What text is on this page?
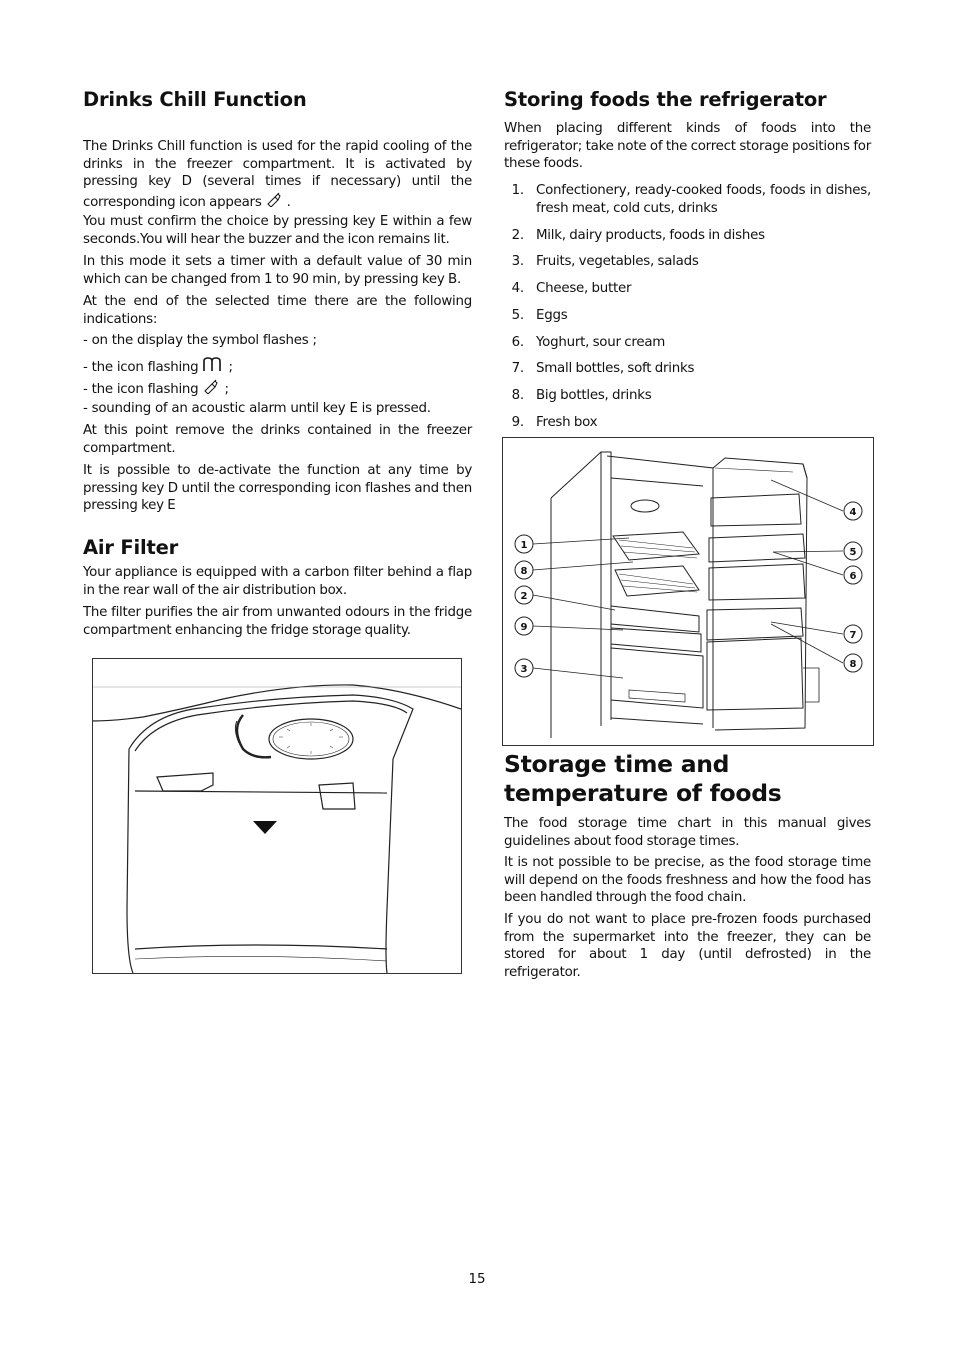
Drinks Chill Function

The Drinks Chill function is used for the rapid cooling of the drinks in the freezer compartment. It is activated by pressing key D (several times if necessary) until the corresponding icon appears .

You must confirm the choice by pressing key E within a few seconds.You will hear the buzzer and the icon remains lit.

In this mode it sets a timer with a default value of 30 min which can be changed from 1 to 90 min, by pressing key B.

At the end of the selected time there are the following indications:

- on the display the symbol flashes ;

- the icon flashing ;

- the icon flashing ;

- sounding of an acoustic alarm until key E is pressed.

At this point remove the drinks contained in the freezer compartment.

It is possible to de-activate the function at any time by pressing key D until the corresponding icon flashes and then pressing key E

Air Filter

Your appliance is equipped with a carbon filter behind a flap in the rear wall of the air distribution box.

The filter purifies the air from unwanted odours in the fridge compartment enhancing the fridge storage quality.

Storing foods the refrigerator

When placing different kinds of foods into the refrigerator; take note of the correct storage positions for these foods.

1. Confectionery, ready-cooked foods, foods in dishes, fresh meat, cold cuts, drinks
2. Milk, dairy products, foods in dishes
3. Fruits, vegetables, salads
4. Cheese, butter
5. Eggs
6. Yoghurt, sour cream
7. Small bottles, soft drinks
8. Big bottles, drinks
9. Fresh box
1
8
2
9
3
4
5
6
7
8
Storage time and temperature of foods

The food storage time chart in this manual gives guidelines about food storage times.

It is not possible to be precise, as the food storage time will depend on the foods freshness and how the food has been handled through the food chain.

If you do not want to place pre-frozen foods purchased from the supermarket into the freezer, they can be stored for about 1 day (until defrosted) in the refrigerator.

15
